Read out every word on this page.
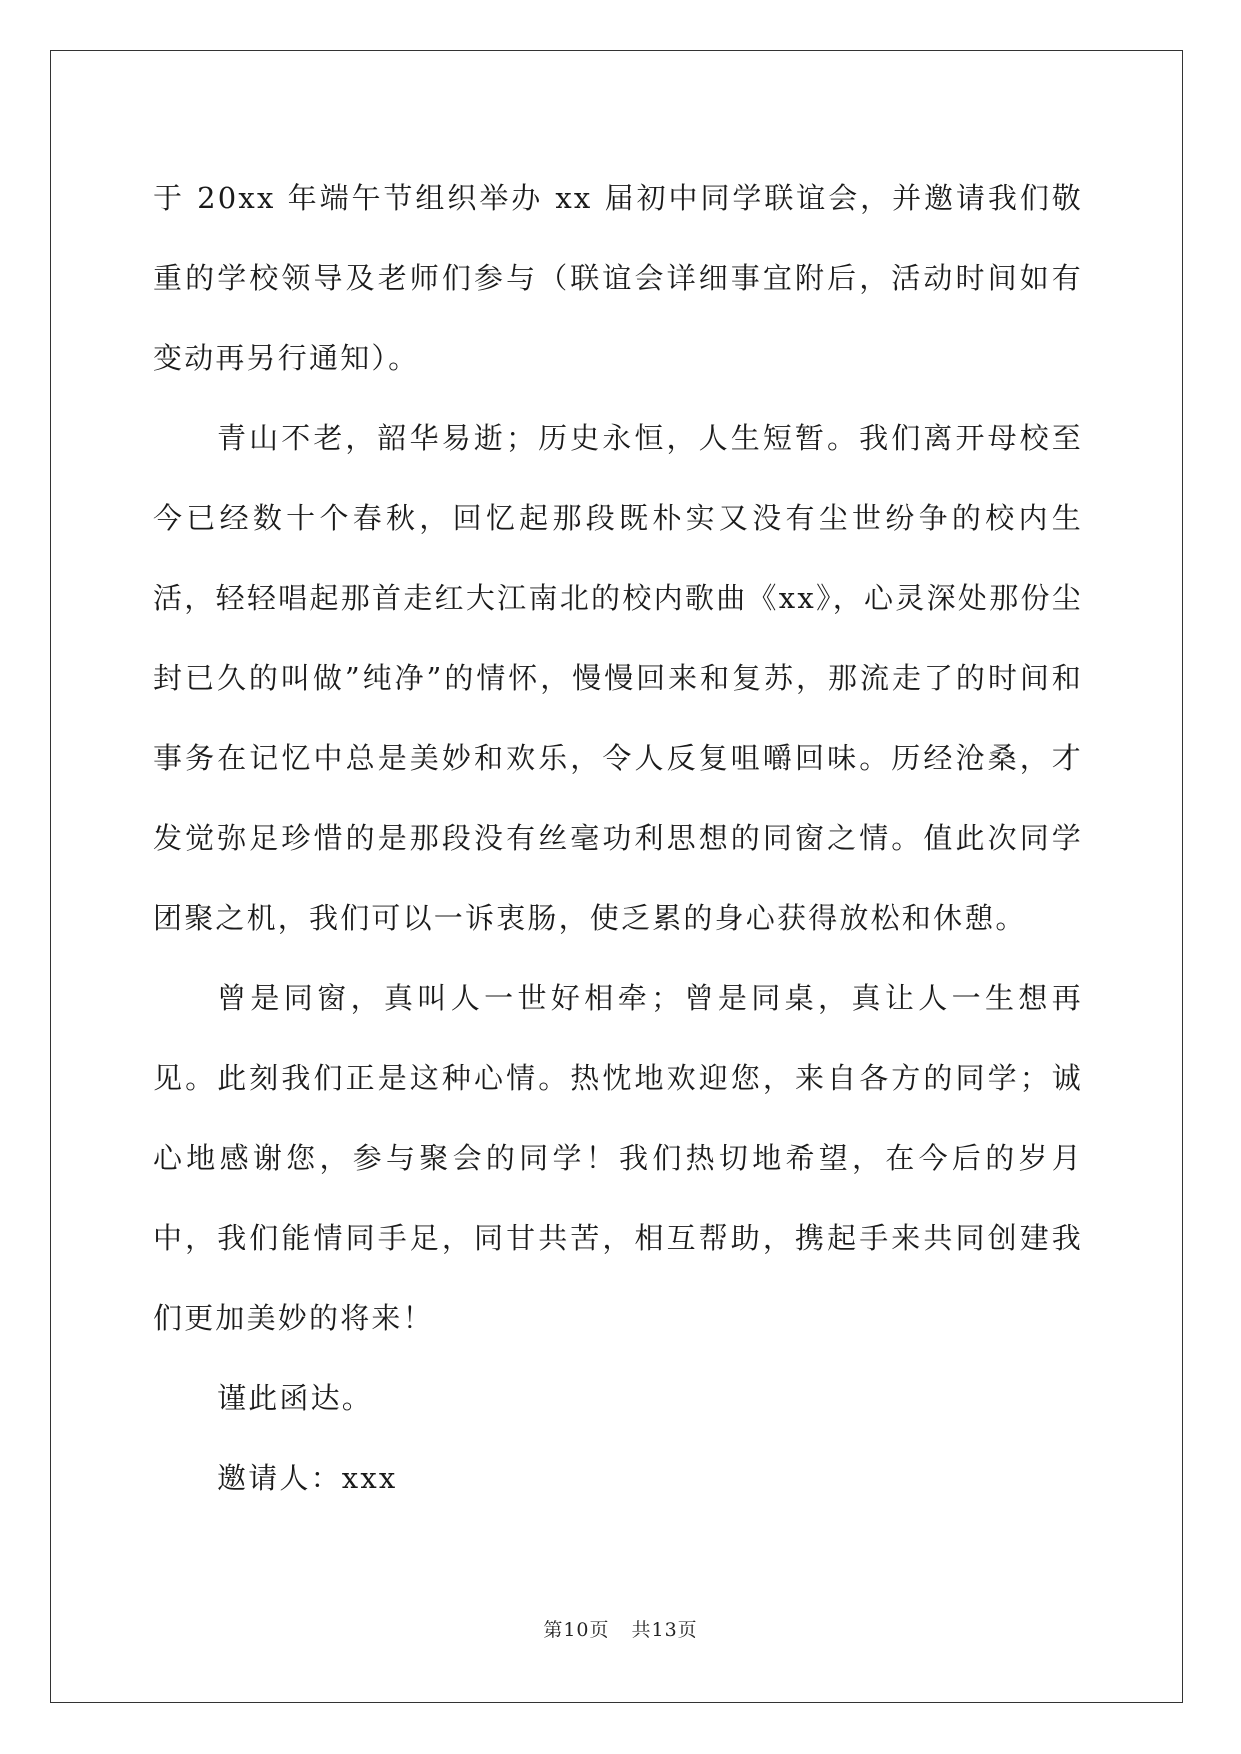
于 20xx 年端午节组织举办 xx 届初中同学联谊会，并邀请我们敬重的学校领导及老师们参与（联谊会详细事宜附后，活动时间如有变动再另行通知）。

青山不老，韶华易逝；历史永恒，人生短暂。我们离开母校至今已经数十个春秋，回忆起那段既朴实又没有尘世纷争的校内生活，轻轻唱起那首走红大江南北的校内歌曲《xx》，心灵深处那份尘封已久的叫做”纯净”的情怀，慢慢回来和复苏，那流走了的时间和事务在记忆中总是美妙和欢乐，令人反复咀嚼回味。历经沧桑，才发觉弥足珍惜的是那段没有丝毫功利思想的同窗之情。值此次同学团聚之机，我们可以一诉衷肠，使乏累的身心获得放松和休憩。

曾是同窗，真叫人一世好相牵；曾是同桌，真让人一生想再见。此刻我们正是这种心情。热忱地欢迎您，来自各方的同学；诚心地感谢您，参与聚会的同学！我们热切地希望，在今后的岁月中，我们能情同手足，同甘共苦，相互帮助，携起手来共同创建我们更加美妙的将来！

谨此函达。

邀请人：xxx

第10页 共13页
